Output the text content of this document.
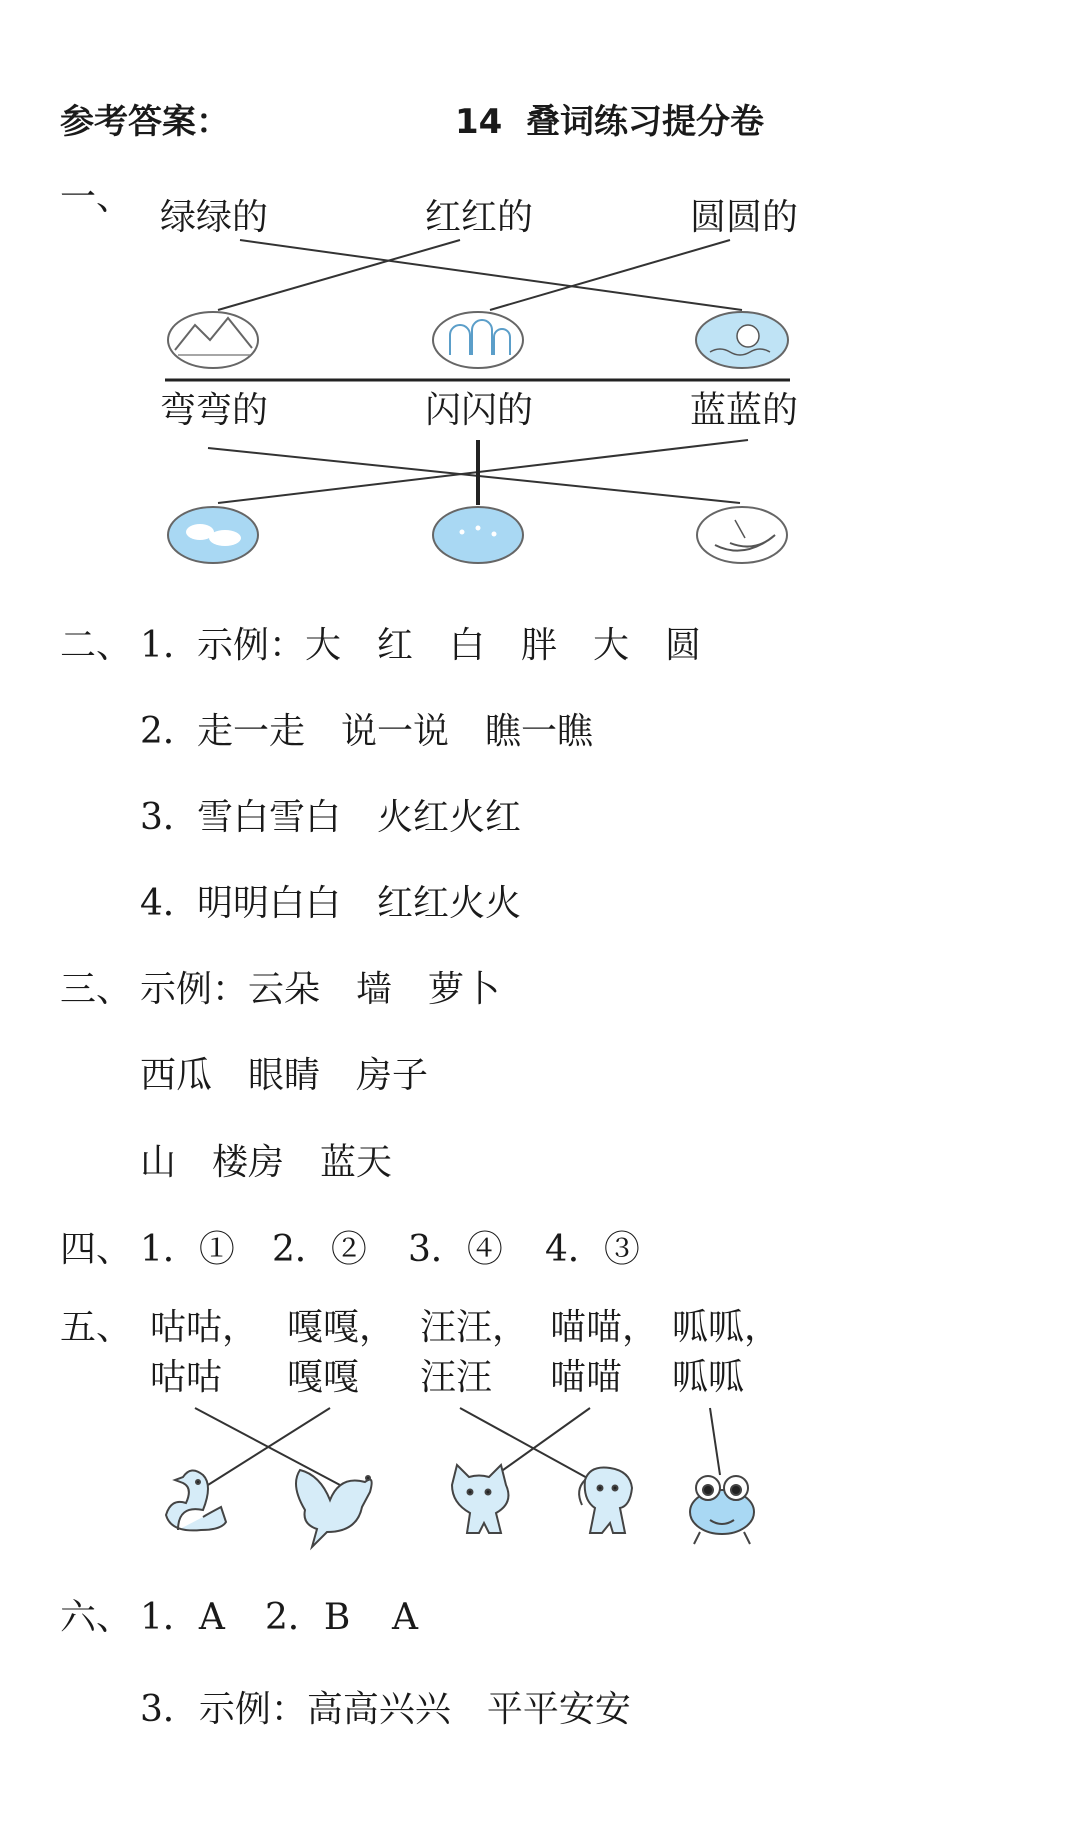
参考答案：	14  叠词练习提分卷
一、 绿绿的	红红的	圆圆的
弯弯的	闪闪的	蓝蓝的
二、 1. 示例：大　红　白　胖　大　圆
2．
走一走　说一说　瞧一瞧
3．
雪白雪白　火红火红
4．
明明白白　红红火火
三、 示例：云朵　墙　萝卜
西瓜　眼睛　房子
山　楼房　蓝天
四、 1．① 2．② 3．④ 4．③
五、 咕咕， 嘎嘎， 汪汪， 喵喵， 呱呱，
咕咕 嘎嘎 汪汪 喵喵 呱呱
六、 1．A 2．B A
3．示例：高高兴兴　平平安安
